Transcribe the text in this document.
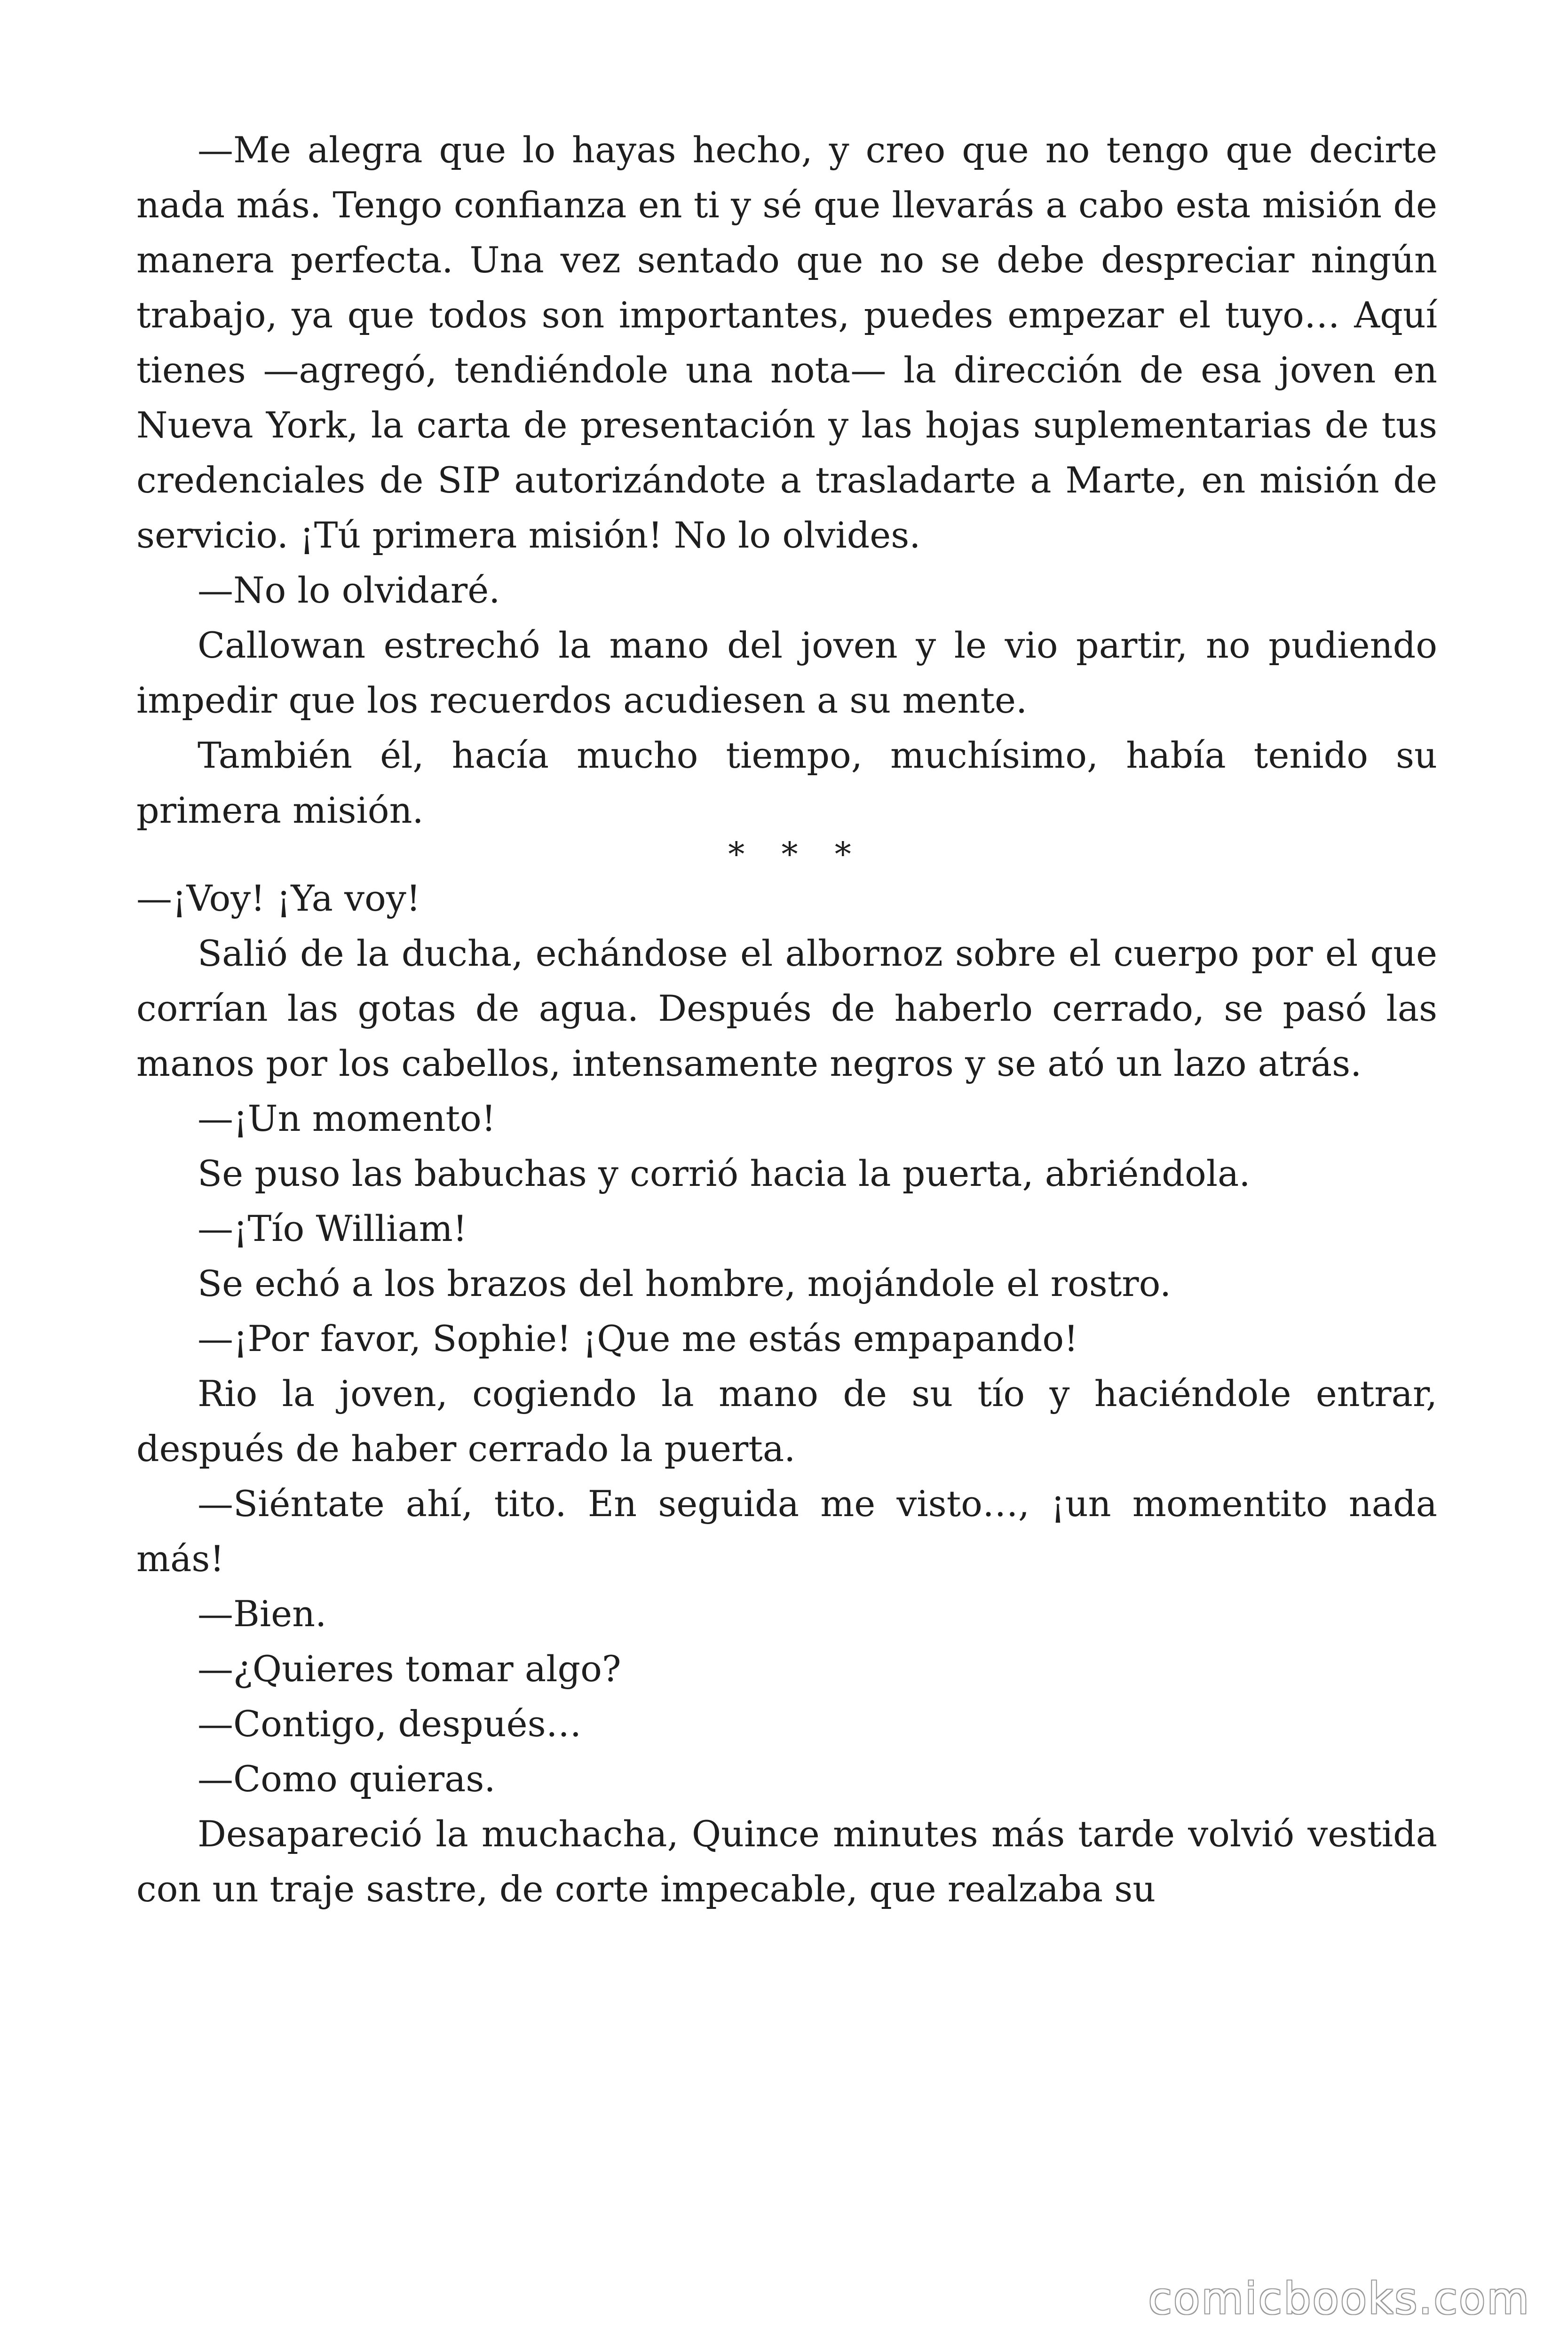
—Me alegra que lo hayas hecho, y creo que no tengo que decirte nada más. Tengo confianza en ti y sé que llevarás a cabo esta misión de manera perfecta. Una vez sentado que no se debe despreciar ningún trabajo, ya que todos son importantes, puedes empezar el tuyo… Aquí tienes —agregó, tendiéndole una nota— la dirección de esa joven en Nueva York, la carta de presentación y las hojas suplementarias de tus credenciales de SIP autorizándote a trasladarte a Marte, en misión de servicio. ¡Tú primera misión! No lo olvides.

—No lo olvidaré.

Callowan estrechó la mano del joven y le vio partir, no pudiendo impedir que los recuerdos acudiesen a su mente.

También él, hacía mucho tiempo, muchísimo, había tenido su primera misión.

* * *

—¡Voy! ¡Ya voy!

Salió de la ducha, echándose el albornoz sobre el cuerpo por el que corrían las gotas de agua. Después de haberlo cerrado, se pasó las manos por los cabellos, intensamente negros y se ató un lazo atrás.

—¡Un momento!

Se puso las babuchas y corrió hacia la puerta, abriéndola.

—¡Tío William!

Se echó a los brazos del hombre, mojándole el rostro.

—¡Por favor, Sophie! ¡Que me estás empapando!

Rio la joven, cogiendo la mano de su tío y haciéndole entrar, después de haber cerrado la puerta.

—Siéntate ahí, tito. En seguida me visto…, ¡un momentito nada más!

—Bien.

—¿Quieres tomar algo?

—Contigo, después…

—Como quieras.

Desapareció la muchacha, Quince minutes más tarde volvió vestida con un traje sastre, de corte impecable, que realzaba su

comicbooks.com
